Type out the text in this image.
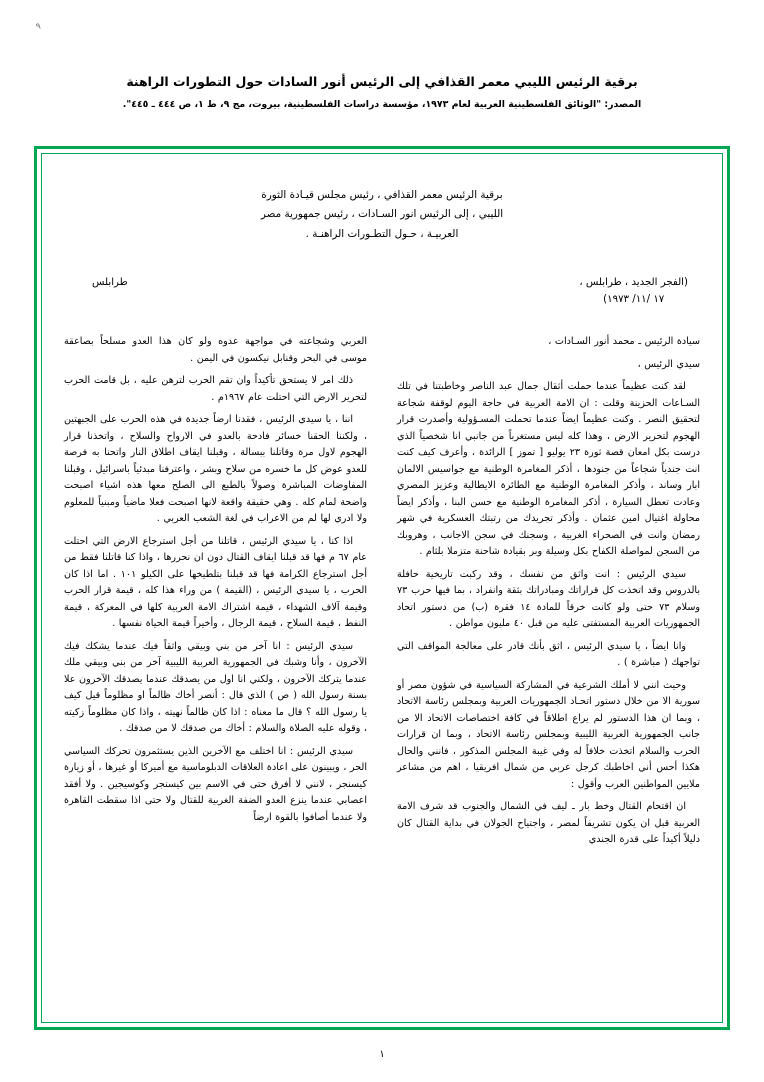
٩
برقية الرئيس الليبي معمر القذافي إلى الرئيس أنور السادات حول التطورات الراهنة
المصدر: "الوثائق الفلسطينية العربية لعام ١٩٧٣، مؤسسة دراسات الفلسطينية، بيروت، مج ٩، ط ١، ص ٤٤٤ ـ ٤٤٥".
برقية الرئيس معمر القذافي ، رئيس مجلس قيـادة الثورة
الليبي ، إلى الرئيس انور السـادات ، رئيس جمهورية مصر
العربيـة ، حـول التطـورات الراهنـة .
طرابلس	(الفجر الجديد ، طرابلس ،
١٧ /١١/ ١٩٧٣)

سيادة الرئيس ـ محمد أنور السـادات ،

سيدي الرئيس ،

لقد كنت عظيماً عندما حملت أثقال جمال عبد الناصر وخاطبتنا في تلك السـاعات الحزينة وقلت : ان الامة العربية في حاجة اليوم لوقفة شجاعة لتحقيق النصر . وكنت عظيماً ايضاً عندما تحملت المسـؤولية وأصدرت قرار الهجوم لتحرير الارض ، وهذا كله ليس مستغرباً من جانبي انا شخصياً الذي درست بكل امعان قصة ثورة ٢٣ يوليو [ تموز ] الرائدة ، وأعرف كيف كنت انت جندياً شجاعاً من جنودها ، أذكر المغامرة الوطنية مع جواسيس الالمان ابار وساند ، وأذكر المغامرة الوطنية مع الطائرة الايطالية وعزيز المصري وعادت تعطل السيارة ، أذكر المغامرة الوطنية مع حسن البنا ، وأذكر ايضاً محاولة اغتيال امين عثمان . وأذكر تجريدك من رتبتك العسكرية في شهر رمضان وانت في الصحراء الغربية ، وسجنك في سجن الاجانب ، وهروبك من السجن لمواصلة الكفاح بكل وسيلة وبر بقيادة شاحنة متزملا بلثام .

سيدي الرئيس : انت واثق من نفسك ، وقد ركبت تاريخية حافلة بالدروس وقد اتخذت كل قراراتك ومبادراتك بثقة وانفراد ، بما فيها حرب ٧٣ وسلام ٧٣ حتى ولو كانت خرقاً للمادة ١٤ فقرة (ب) من دستور اتحاد الجمهوريات العربية المستفتى عليه من قبل ٤٠ مليون مواطن .

وانا ايضاً ، يا سيدي الرئيس ، اثق بأنك قادر على معالجة المواقف التي تواجهك ( مباشرة ) .

وحيث انني لا أملك الشرعية في المشاركة السياسية في شؤون مصر أو سورية الا من خلال دستور اتحـاد الجمهوريات العربية وبمجلس رئاسة الاتحاد ، وبما ان هذا الدستور لم يراع اطلاقاً في كافة اختصاصات الاتحاد الا من جانب الجمهورية العربية الليبية وبمجلس رئاسة الاتحاد ، وبما ان قرارات الحرب والسلام اتخذت خلافاً له وفي غيبة المجلس المذكور ، فانني والحال هكذا أحس أني اخاطبك كرجل عربي من شمال افريقيا ، اهم من مشاعر ملايين المواطنين العرب وأقول :

ان اقتحام القتال وخط بار ـ ليف في الشمال والجنوب قد شرف الامة العربية قبل ان يكون تشريفاً لمصر ، واجتياح الجولان في بداية القتال كان دليلاً أكيداً على قدرة الجندي

العربي وشجاعته في مواجهة عدوه ولو كان هذا العدو مسلحاً بصاعقة موسى في البحر وقنابل نيكسون في اليمن .

ذلك امر لا يستحق تأكيداً وان تقم الحرب لترهن عليه ، بل قامت الحرب لتحرير الارض التي احتلت عام ١٩٦٧م .

اننا ، يا سيدي الرئيس ، فقدنا ارضاً جديدة في هذه الحرب على الجبهتين ، ولكننا الحقنا خسائر فادحة بالعدو في الارواح والسلاح ، واتخذنا قرار الهجوم لاول مرة وقاتلنا ببسالة ، وقبلنا ايقاف اطلاق النار واتحنا به فرصة للعدو عوض كل ما خسره من سلاح وبشر ، واعترفنا مبدئياً باسرائيل ، وقبلنا المفاوضات المباشرة وصولاً بالطبع الى الصلح معها هذه اشياء اصبحت واضحة لمام كله . وهي حقيقة واقعة لانها اصبحت فعلا ماضياً ومبنياً للمعلوم ولا ادري لها لم من الاعراب في لغة الشعب العربي .

اذا كنا ، يا سيدي الرئيس ، قاتلنا من أجل استرجاع الارض التي احتلت عام ٦٧ م فها قد قبلنا ايقاف القتال دون ان نحررها ، واذا كنا قاتلنا فقط من أجل استرجاع الكرامة فها قد قبلنا بتلطيخها على الكيلو ١٠١ . اما اذا كان الحرب ، يا سيدي الرئيس ، (القيمة ) من وراء هذا كله ، قيمة قرار الحرب وقيمة آلاف الشهداء ، قيمة اشتراك الامة العربية كلها في المعركة ، قيمة النفط ، قيمة السلاح ، قيمة الرجال ، وأخيراً قيمة الحياة نفسها .

سيدي الرئيس : انا آخر من بني وبيقي واثقاً فيك عندما يشكك فيك الآخرون ، وأنا وشبك في الجمهورية العربية الليبية آخر من بني وبيقي ملك عندما يتركك الآخرون ، ولكني انا اول من يصدقك عندما يصدقك الآخرون علا بسنة رسول الله ( ص ) الذي قال : أنصر أخاك ظالماً او مظلوماً قيل كيف يا رسول الله ؟ قال ما معناه : اذا كان ظالماً نهيته ، واذا كان مظلوماً زكيته ، وقوله عليه الصلاة والسلام : أخاك من صدقك لا من صدقك .

سيدي الرئيس : انا اختلف مع الآخرين الذين يستثمرون تحركك السياسي الحر ، ويبينون على اعادة العلاقات الدبلوماسية مع أميركا أو غيرها ، أو زيارة كيسنجر ، لانني لا أفرق حتى في الاسم بين كيسنجر وكوسيجين . ولا أفقد اعصابي عندما ينزع العدو الضفة الغربية للقتال ولا حتى اذا سقطت القاهرة ولا عندما أصافوا بالقوة ارضاً

١
